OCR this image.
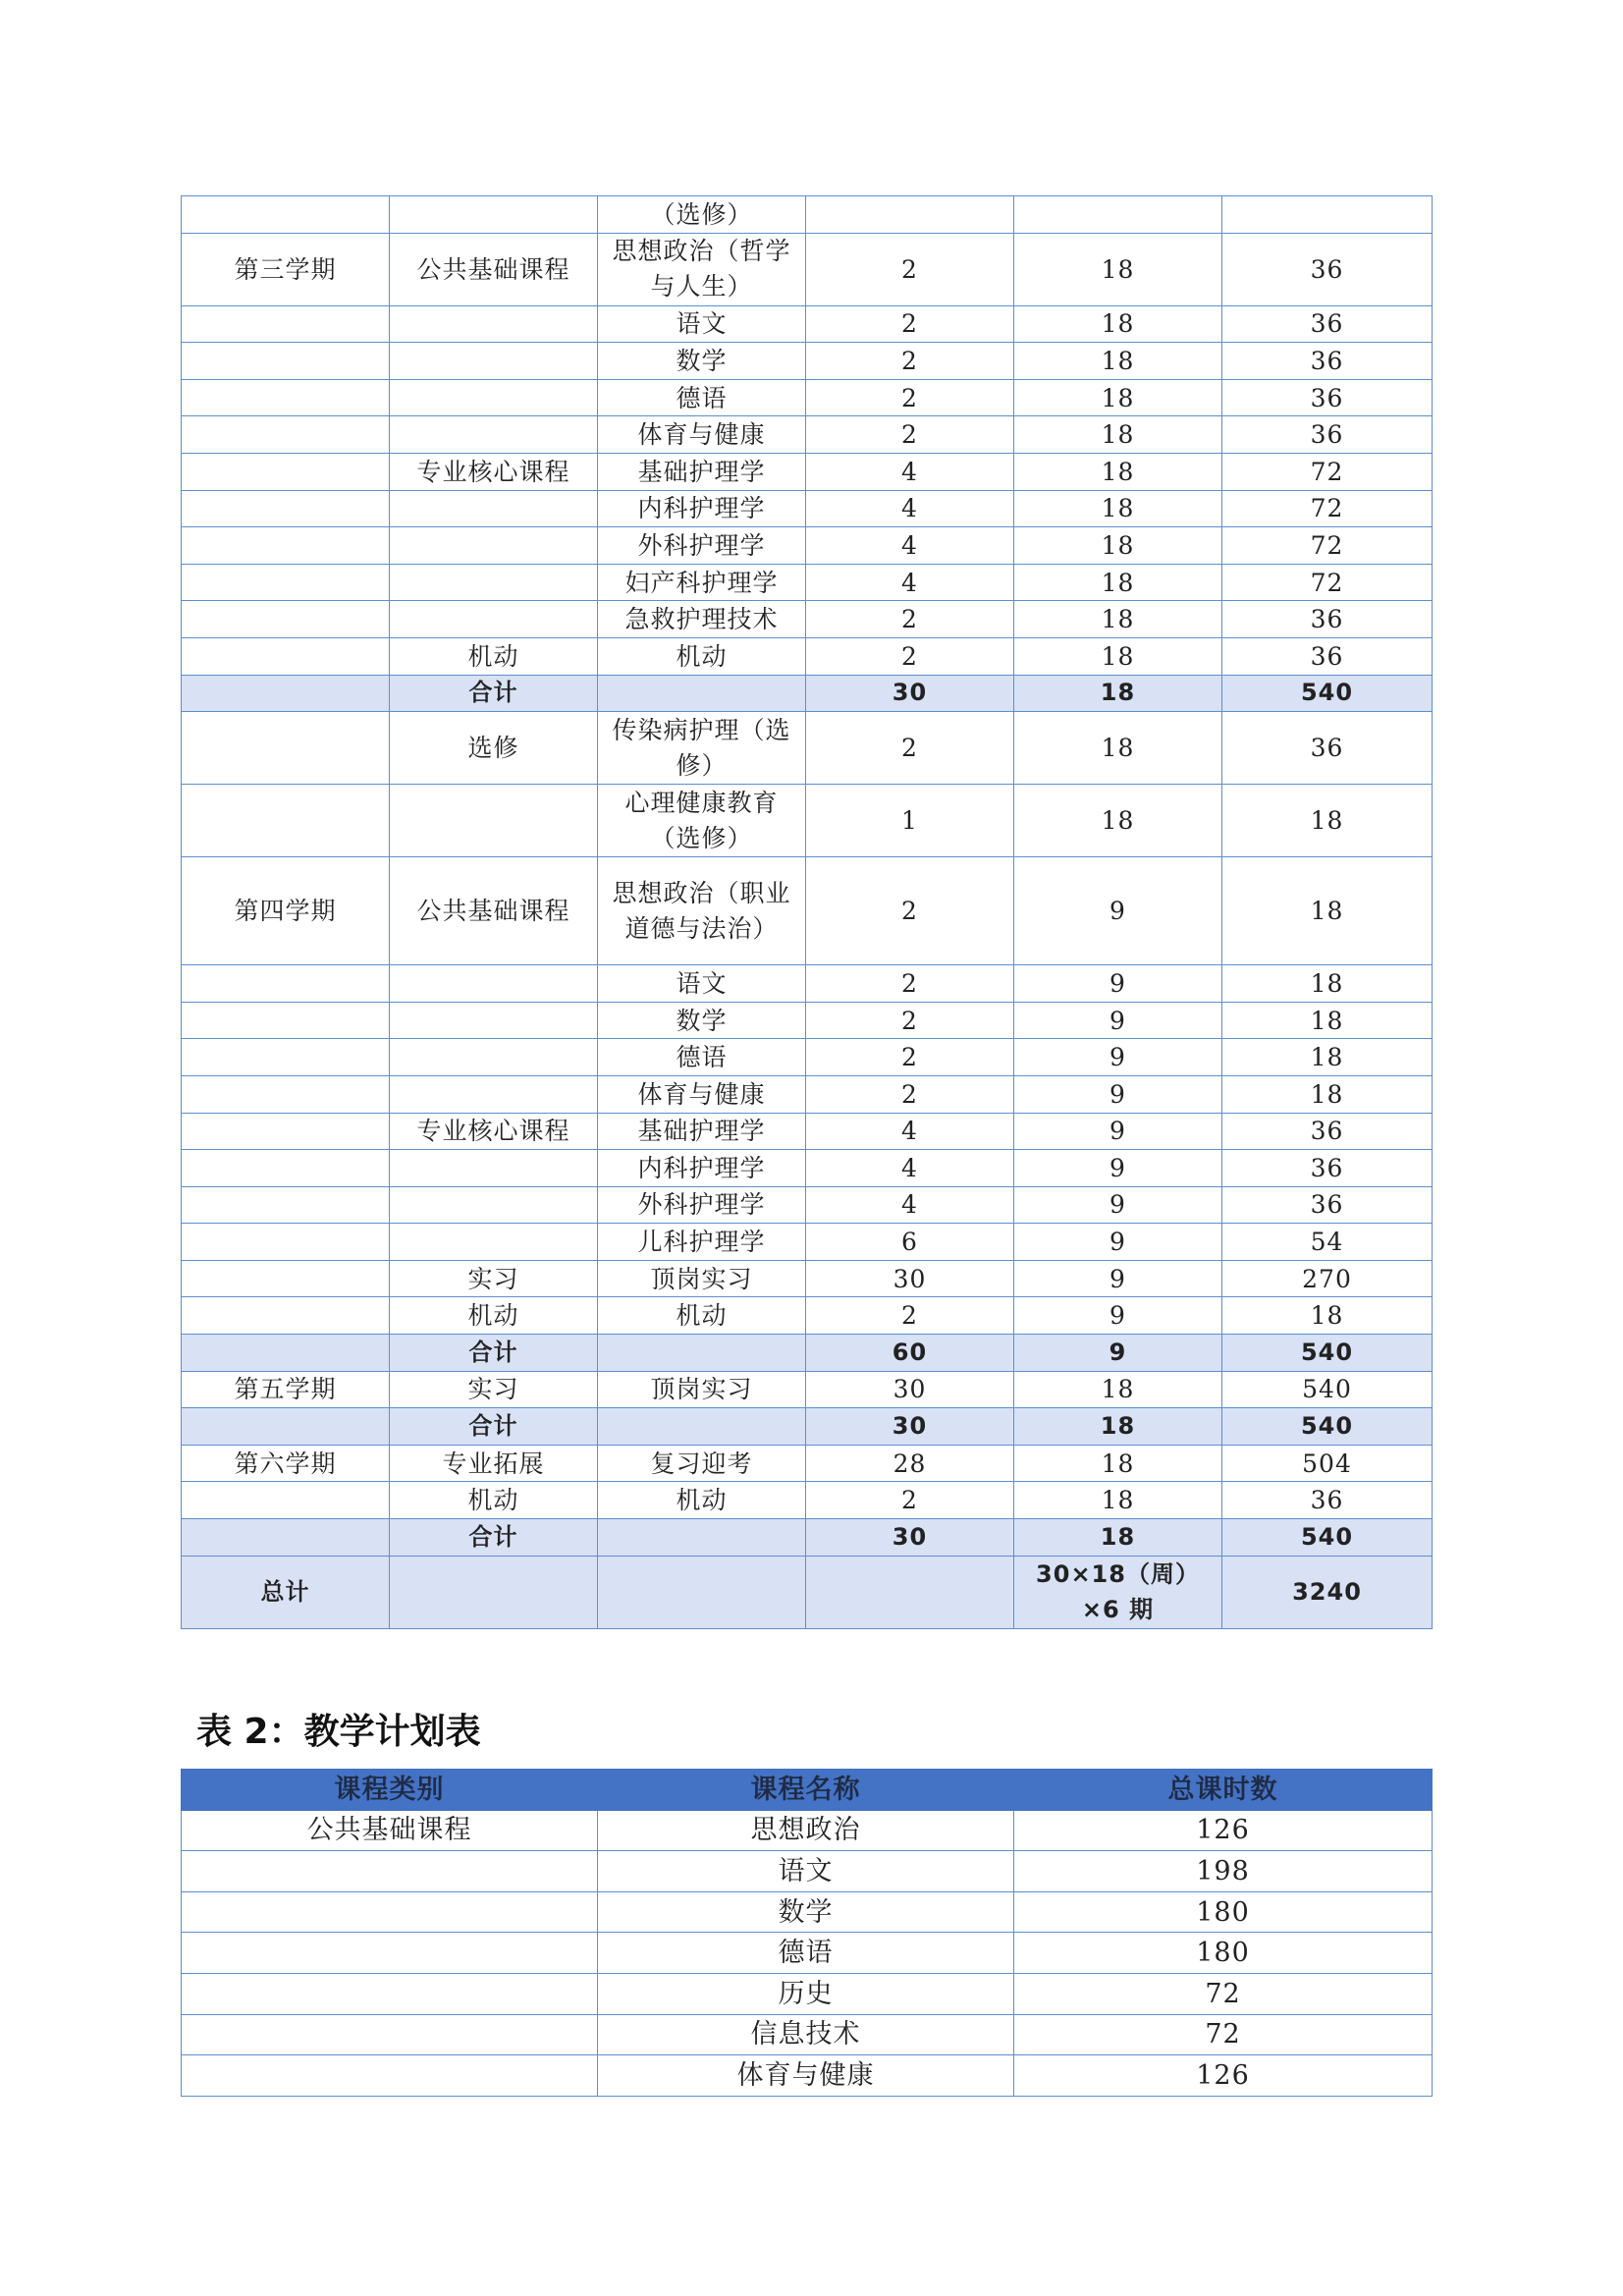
		（选修）			
第三学期	公共基础课程	思想政治（哲学与人生）	2	18	36
		语文	2	18	36
		数学	2	18	36
		德语	2	18	36
		体育与健康	2	18	36
	专业核心课程	基础护理学	4	18	72
		内科护理学	4	18	72
		外科护理学	4	18	72
		妇产科护理学	4	18	72
		急救护理技术	2	18	36
	机动	机动	2	18	36
	合计		30	18	540
	选修	传染病护理（选修）	2	18	36
		心理健康教育（选修）	1	18	18
第四学期	公共基础课程	思想政治（职业道德与法治）	2	9	18
		语文	2	9	18
		数学	2	9	18
		德语	2	9	18
		体育与健康	2	9	18
	专业核心课程	基础护理学	4	9	36
		内科护理学	4	9	36
		外科护理学	4	9	36
		儿科护理学	6	9	54
	实习	顶岗实习	30	9	270
	机动	机动	2	9	18
	合计		60	9	540
第五学期	实习	顶岗实习	30	18	540
	合计		30	18	540
第六学期	专业拓展	复习迎考	28	18	504
	机动	机动	2	18	36
	合计		30	18	540
总计				30×18（周）×6 期	3240
表 2：教学计划表
课程类别	课程名称	总课时数
公共基础课程	思想政治	126
	语文	198
	数学	180
	德语	180
	历史	72
	信息技术	72
	体育与健康	126
